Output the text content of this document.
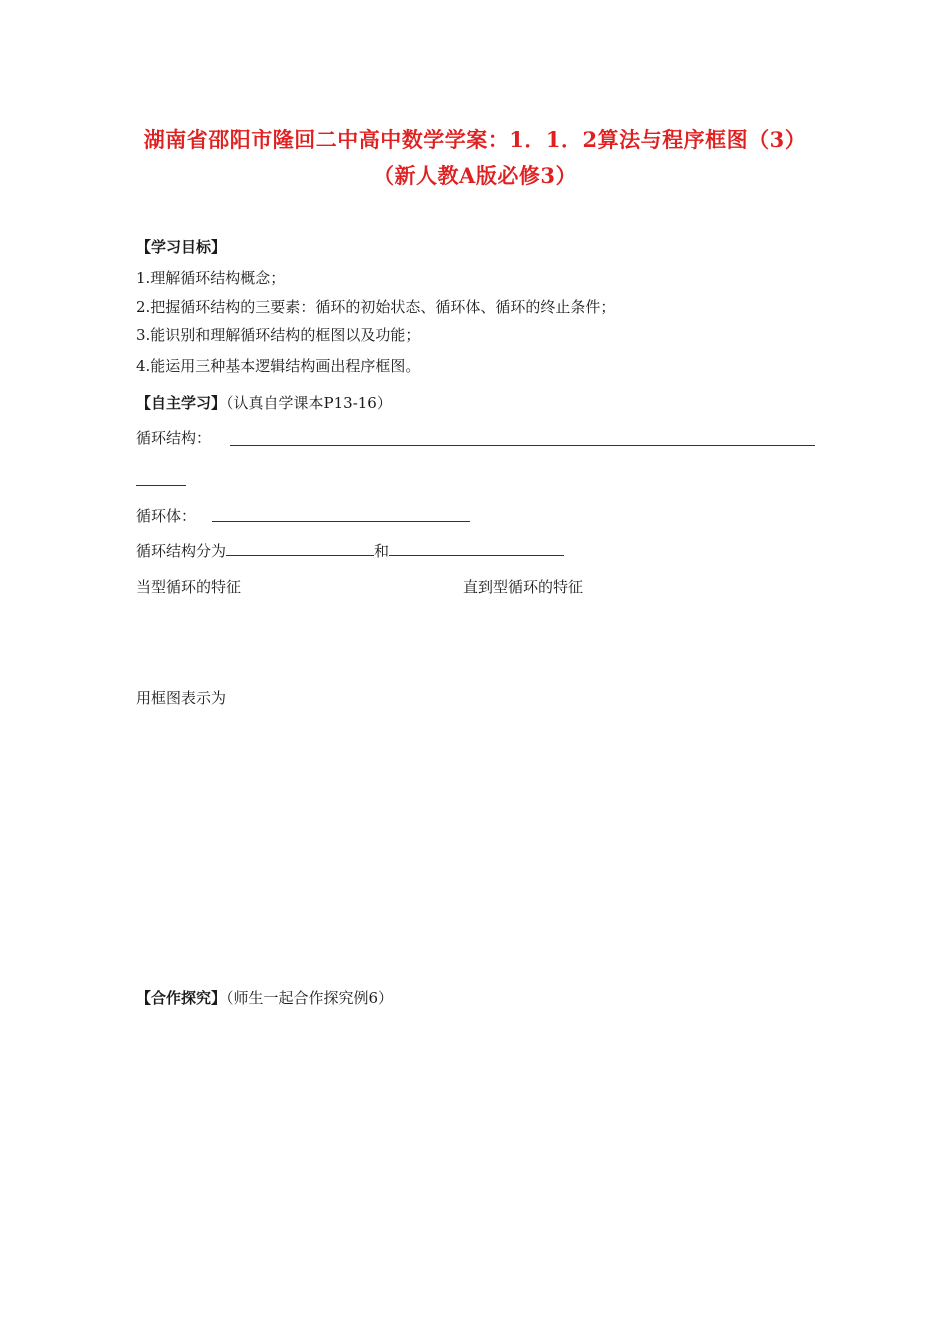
湖南省邵阳市隆回二中高中数学学案：1．1．2算法与程序框图（3）
（新人教A版必修3）
【学习目标】
1.理解循环结构概念；
2.把握循环结构的三要素：循环的初始状态、循环体、循环的终止条件；
3.能识别和理解循环结构的框图以及功能；
4.能运用三种基本逻辑结构画出程序框图。
【自主学习】（认真自学课本P13-16）
循环结构：
循环体：
循环结构分为	和
当型循环的特征	直到型循环的特征
用框图表示为
【合作探究】（师生一起合作探究例6）
